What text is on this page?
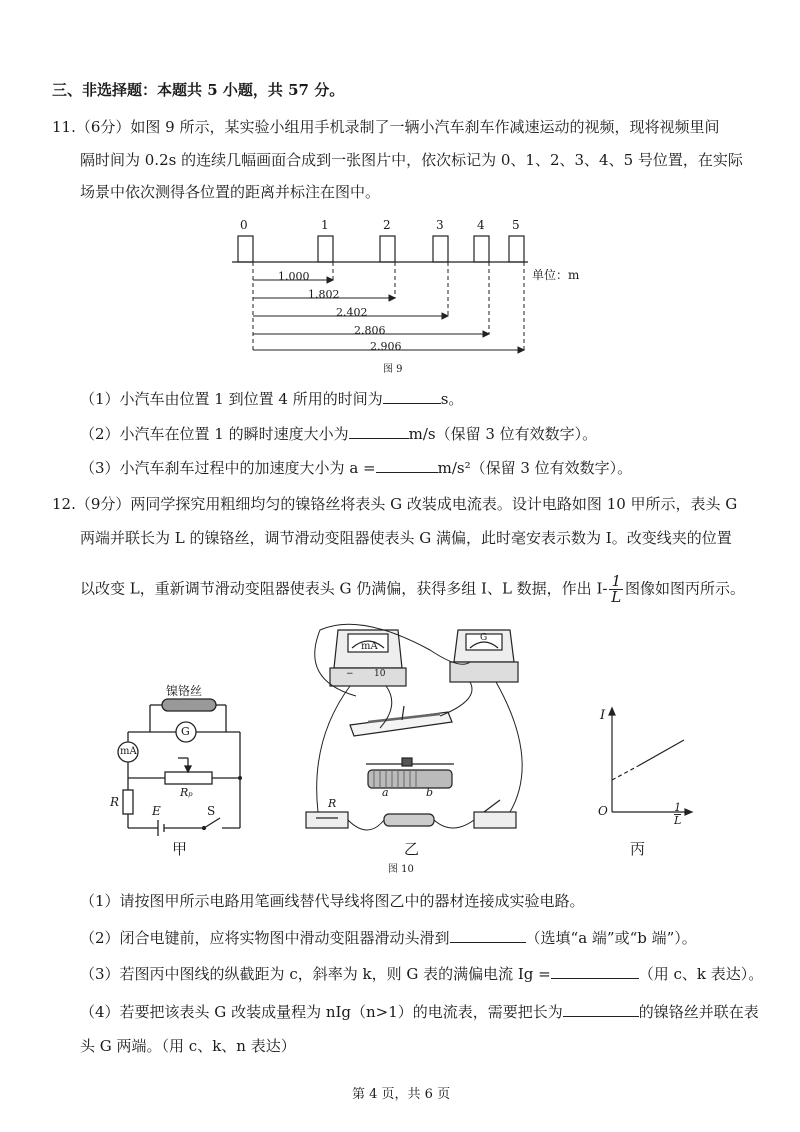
三、非选择题：本题共 5 小题，共 57 分。
11.（6分）如图 9 所示，某实验小组用手机录制了一辆小汽车刹车作减速运动的视频，现将视频里间
隔时间为 0.2s 的连续几幅画面合成到一张图片中，依次标记为 0、1、2、3、4、5 号位置，在实际
场景中依次测得各位置的距离并标注在图中。
0	1	2	3	4 5
1.000
1.802
2.402
2.806
2.906
单位：m
图 9
（1）小汽车由位置 1 到位置 4 所用的时间为	s。
（2）小汽车在位置 1 的瞬时速度大小为	m/s（保留 3 位有效数字）。
（3）小汽车刹车过程中的加速度大小为 a =	m/s²（保留 3 位有效数字）。
12.（9分）两同学探究用粗细均匀的镍铬丝将表头 G 改装成电流表。设计电路如图 10 甲所示，表头 G
两端并联长为 L 的镍铬丝，调节滑动变阻器使表头 G 满偏，此时毫安表示数为 I。改变线夹的位置
以改变 L，重新调节滑动变阻器使表头 G 仍满偏，获得多组 I、L 数据，作出 $I- \frac{1}{L}$ 图像如图丙所示。
镍铬丝
mA
G
R
Rₚ
E	S
甲
mA
G
10
−
a	b
R
乙
I
O	1
L
丙
图 10
（1）请按图甲所示电路用笔画线替代导线将图乙中的器材连接成实验电路。
（2）闭合电键前，应将实物图中滑动变阻器滑动头滑到	（选填“a 端”或“b 端”）。
（3）若图丙中图线的纵截距为 c，斜率为 k，则 G 表的满偏电流 Ig =	（用 c、k 表达）。
（4）若要把该表头 G 改装成量程为 nIg（n>1）的电流表，需要把长为	的镍铬丝并联在表
头 G 两端。（用 c、k、n 表达）
第 4 页，共 6 页
